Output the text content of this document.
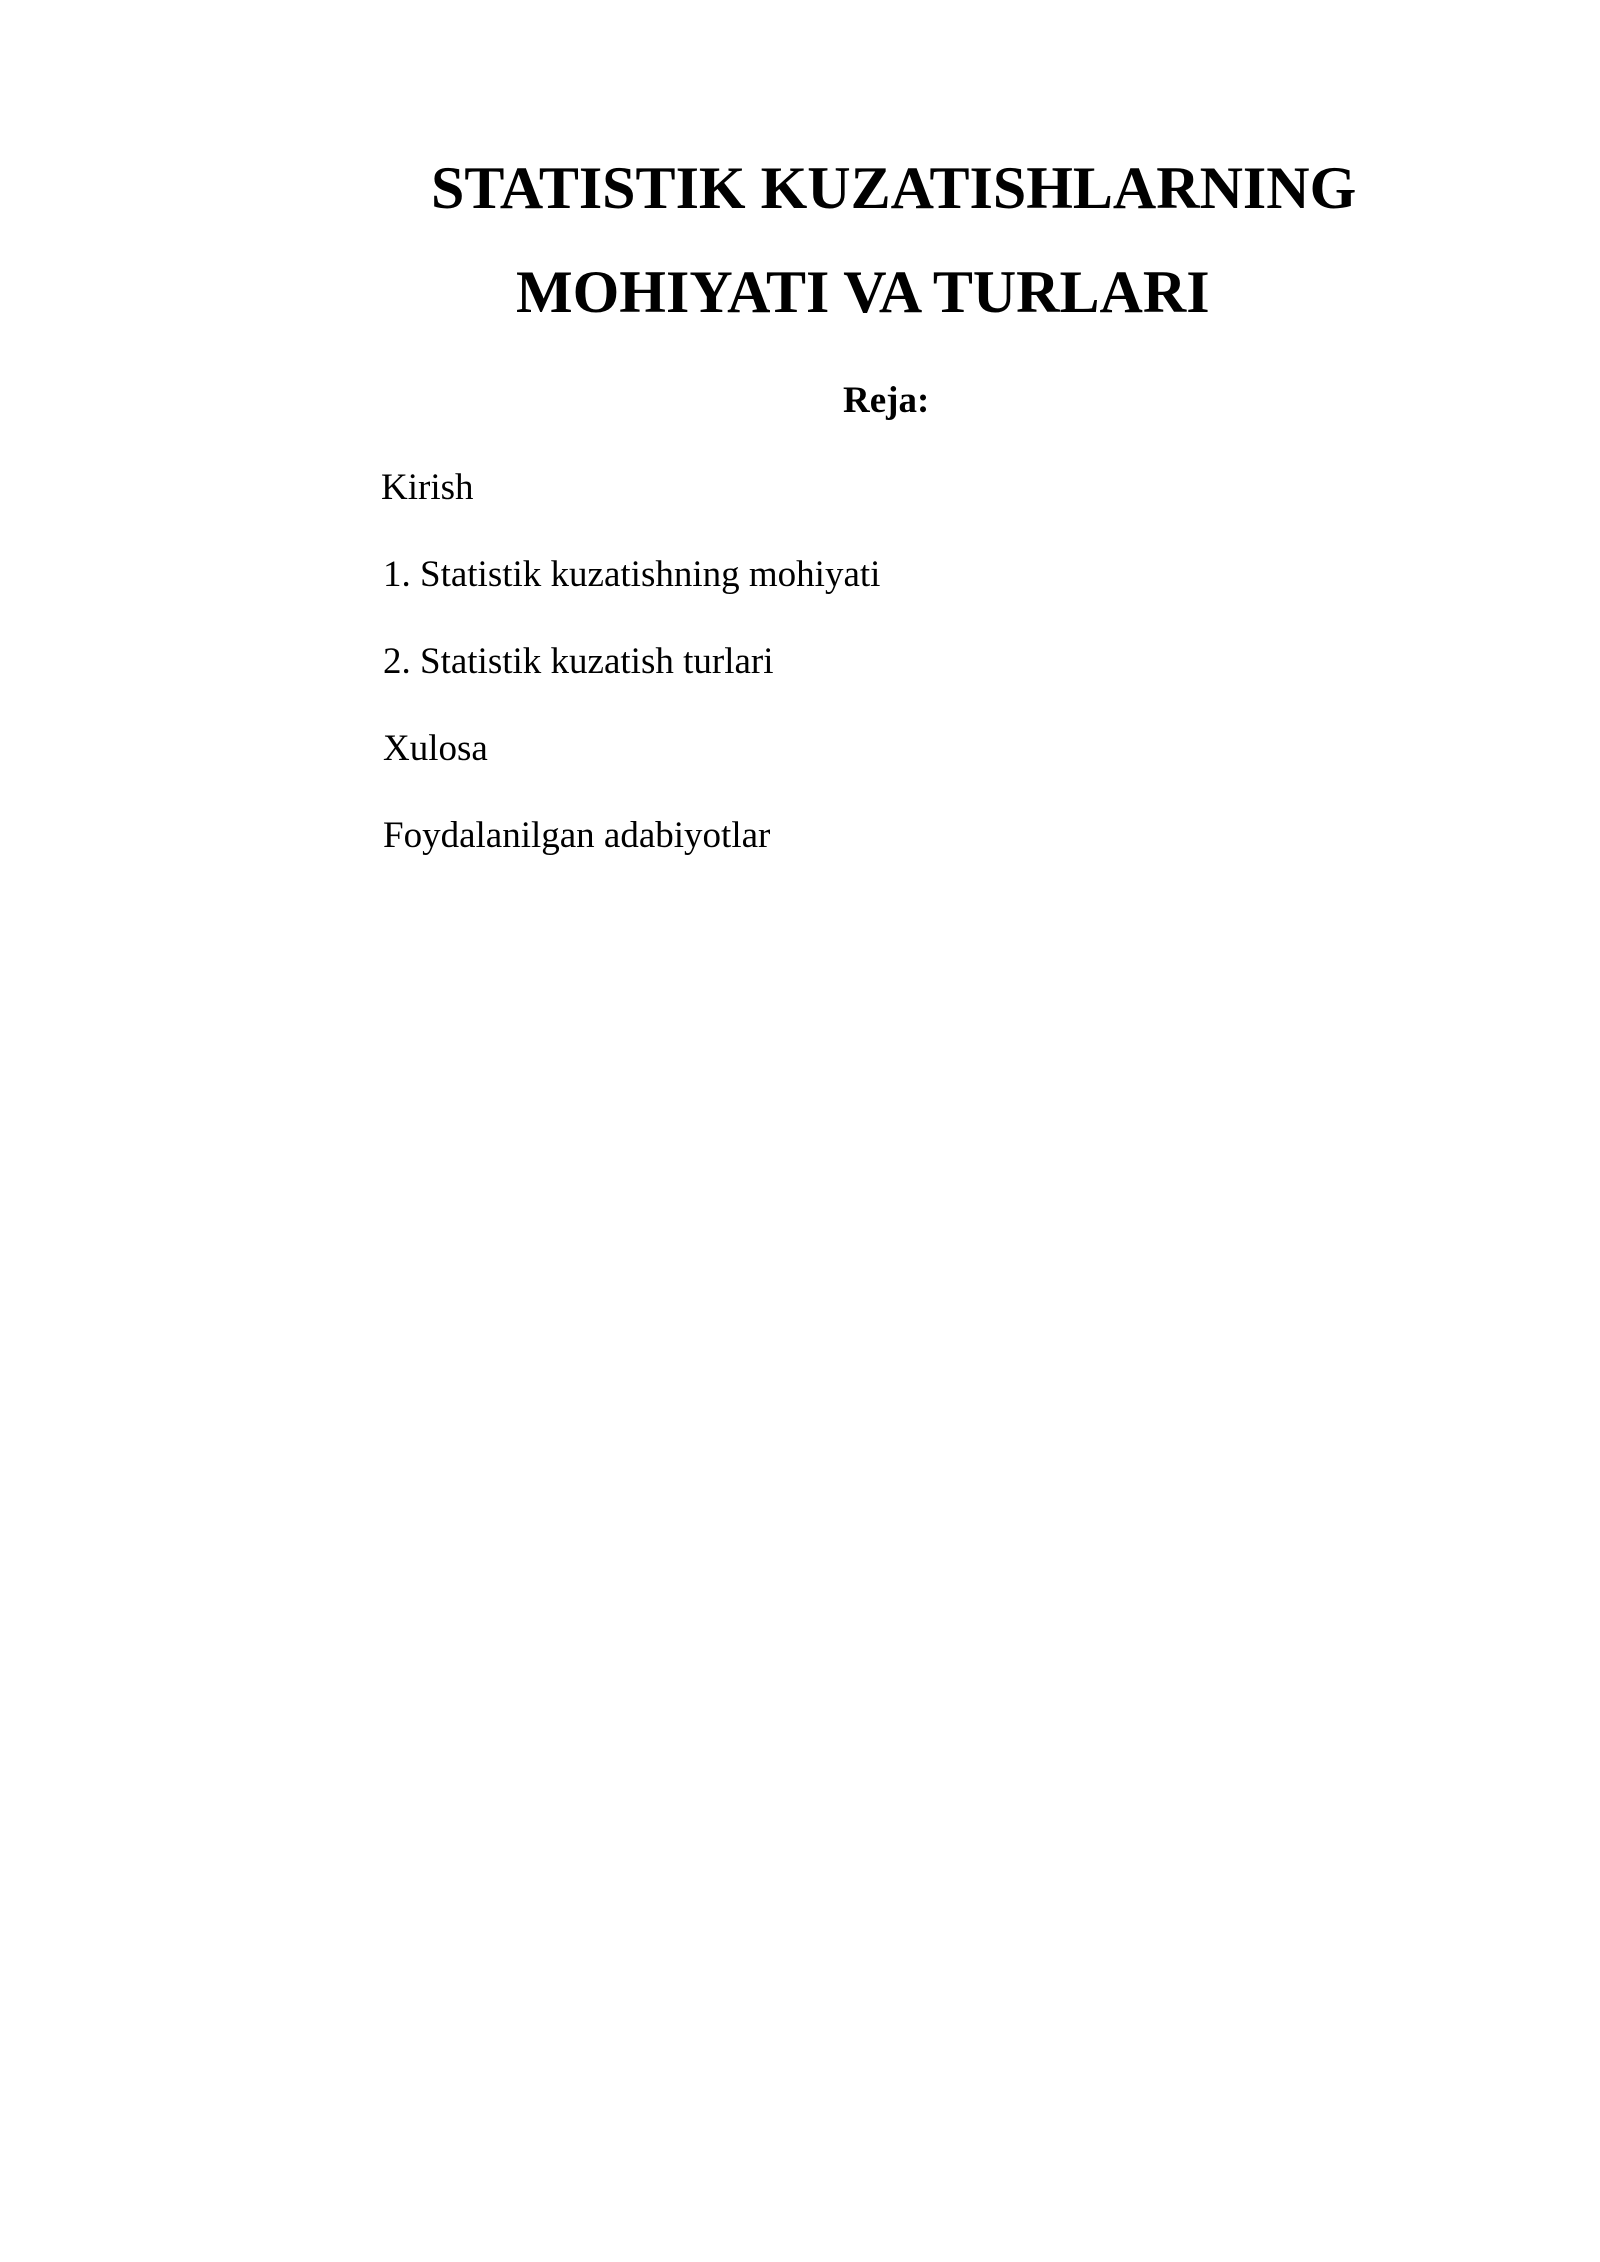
STATISTIK KUZATISHLARNING
MOHIYATI VA TURLARI
Reja:
Kirish
1. Statistik kuzatishning mohiyati
2. Statistik kuzatish turlari
Xulosa
Foydalanilgan adabiyotlar
